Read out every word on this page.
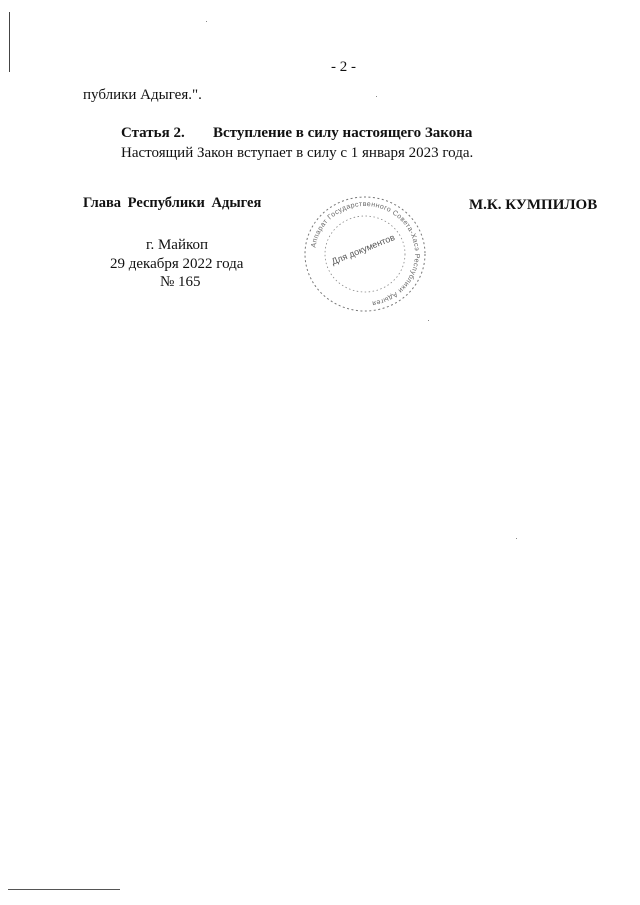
- 2 -
публики Адыгея.".
Статья 2. Вступление в силу настоящего Закона
Настоящий Закон вступает в силу с 1 января 2023 года.
Глава Республики Адыгея	М.К. КУМПИЛОВ
г. Майкоп
29 декабря 2022 года
№ 165
Аппарат Государственного Совета-Хасэ Республики Адыгея
Для документов
